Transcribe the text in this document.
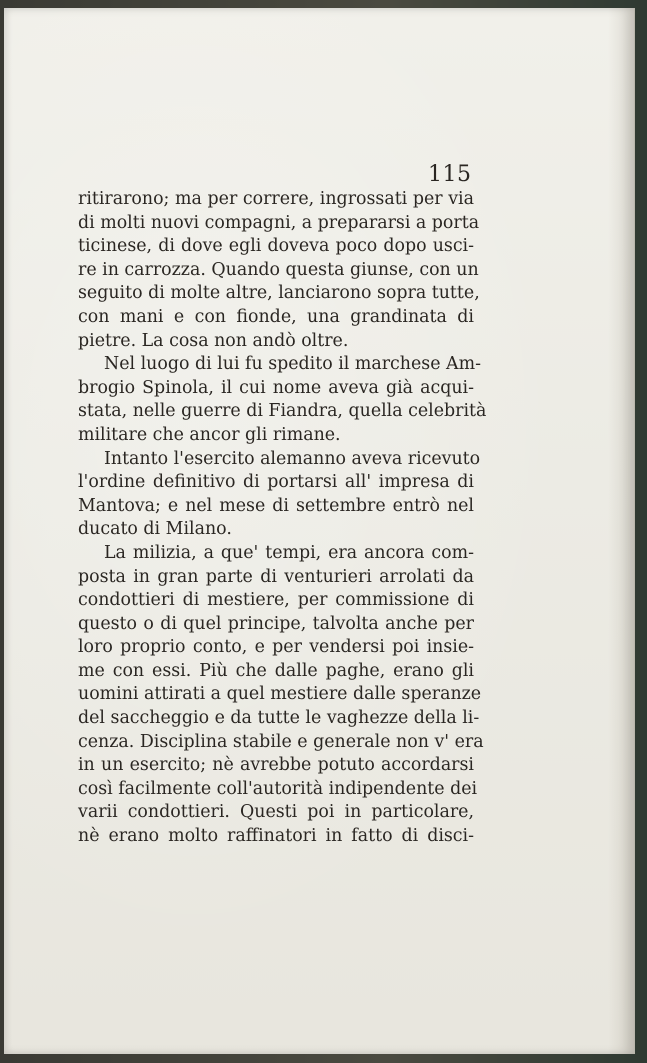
115
ritirarono; ma per correre, ingrossati per via
di molti nuovi compagni, a prepararsi a porta
ticinese, di dove egli doveva poco dopo usci-
re in carrozza. Quando questa giunse, con un
seguito di molte altre, lanciarono sopra tutte,
con mani e con fionde, una grandinata di
pietre. La cosa non andò oltre.
Nel luogo di lui fu spedito il marchese Am-
brogio Spinola, il cui nome aveva già acqui-
stata, nelle guerre di Fiandra, quella celebrità
militare che ancor gli rimane.
Intanto l'esercito alemanno aveva ricevuto
l'ordine definitivo di portarsi all' impresa di
Mantova; e nel mese di settembre entrò nel
ducato di Milano.
La milizia, a que' tempi, era ancora com-
posta in gran parte di venturieri arrolati da
condottieri di mestiere, per commissione di
questo o di quel principe, talvolta anche per
loro proprio conto, e per vendersi poi insie-
me con essi. Più che dalle paghe, erano gli
uomini attirati a quel mestiere dalle speranze
del saccheggio e da tutte le vaghezze della li-
cenza. Disciplina stabile e generale non v' era
in un esercito; nè avrebbe potuto accordarsi
così facilmente coll'autorità indipendente dei
varii condottieri. Questi poi in particolare,
nè erano molto raffinatori in fatto di disci-
